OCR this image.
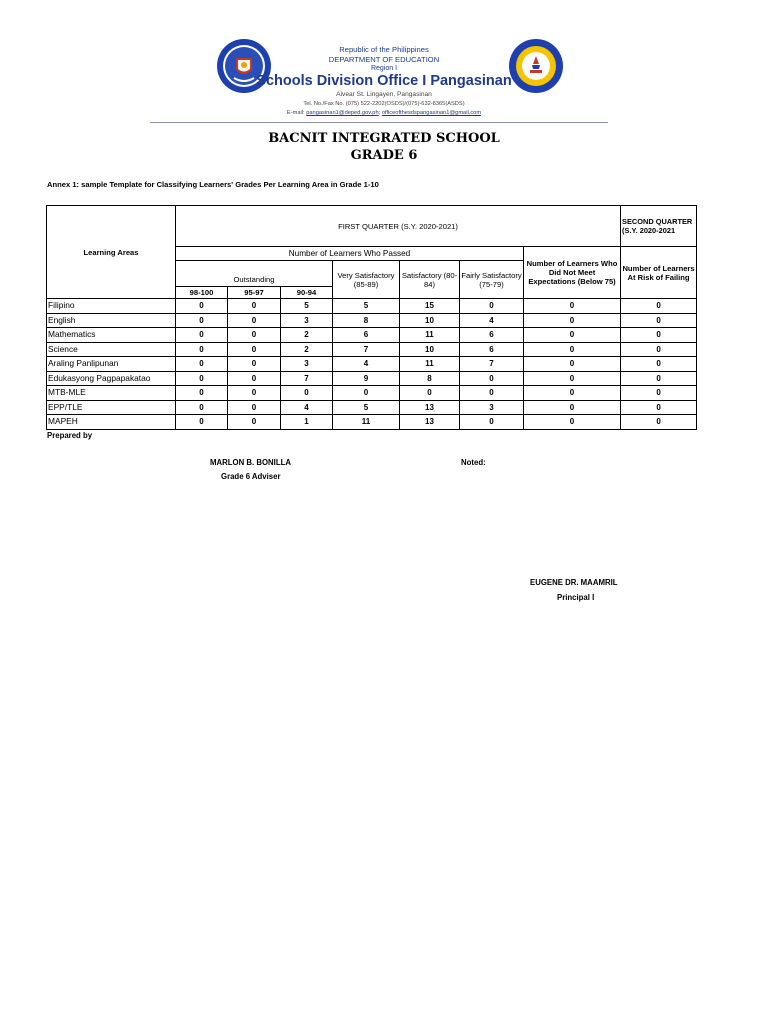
Republic of the Philippines
DEPARTMENT OF EDUCATION
Region I
Schools Division Office I Pangasinan
Alvear St. Lingayen, Pangasinan
Tel. No./Fax No. (075) 522-2202(OSDS)/(075)-632-8365(ASDS)
E-mail: pangasinan1@deped.gov.ph; officeofthesdspangasinan1@gmail.com
BACNIT INTEGRATED SCHOOL
GRADE 6
Annex 1: sample Template for Classifying Learners' Grades Per Learning Area in Grade 1-10
Learning Areas	FIRST QUARTER (S.Y. 2020-2021)							SECOND QUARTER (S.Y. 2020-2021
	Number of Learners Who Passed						Number of Learners Who Did Not Meet Expectations (Below 75)	Number of Learners At Risk of Failing
	Outstanding			Very Satisfactory (85-89)	Satisfactory (80-84)	Fairly Satisfactory (75-79)		
	98-100	95-97	90-94					
Filipino	0	0	5	5	15	0	0	0
English	0	0	3	8	10	4	0	0
Mathematics	0	0	2	6	11	6	0	0
Science	0	0	2	7	10	6	0	0
Araling Panlipunan	0	0	3	4	11	7	0	0
Edukasyong Pagpapakatao	0	0	7	9	8	0	0	0
MTB-MLE	0	0	0	0	0	0	0	0
EPP/TLE	0	0	4	5	13	3	0	0
MAPEH	0	0	1	11	13	0	0	0
Prepared by
MARLON B. BONILLA
Grade 6 Adviser
Noted:
EUGENE DR. MAAMRIL
Principal I
